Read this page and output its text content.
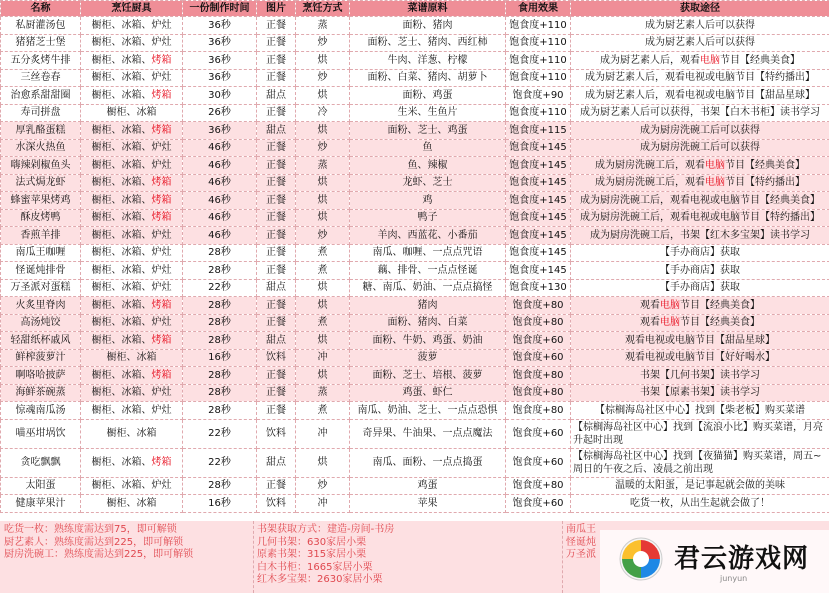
名称	烹饪厨具	一份制作时间	图片	烹饪方式	菜谱原料	食用效果	获取途径
私厨灌汤包	橱柜、冰箱、炉灶	36秒	正餐	蒸	面粉、猪肉	饱食度+110	成为厨艺素人后可以获得
猪猪芝士堡	橱柜、冰箱、炉灶	36秒	正餐	炒	面粉、芝士、猪肉、西红柿	饱食度+110	成为厨艺素人后可以获得
五分炙烤牛排	橱柜、冰箱、烤箱	36秒	正餐	烘	牛肉、洋葱、柠檬	饱食度+110	成为厨艺素人后，观看电脑节目【经典美食】
三丝卷春	橱柜、冰箱、炉灶	36秒	正餐	炒	面粉、白菜、猪肉、胡萝卜	饱食度+110	成为厨艺素人后，观看电视或电脑节目【特约播出】
治愈系甜甜圈	橱柜、冰箱、烤箱	30秒	甜点	烘	面粉、鸡蛋	饱食度+90	成为厨艺素人后，观看电视或电脑节目【甜品星球】
寿司拼盘	橱柜、冰箱	26秒	正餐	冷	生米、生鱼片	饱食度+110	成为厨艺素人后可以获得，书架【白木书柜】读书学习
厚乳酪蛋糕	橱柜、冰箱、烤箱	36秒	甜点	烘	面粉、芝士、鸡蛋	饱食度+115	成为厨房洗碗工后可以获得
水深火热鱼	橱柜、冰箱、炉灶	46秒	正餐	炒	鱼	饱食度+145	成为厨房洗碗工后可以获得
嗨辣剁椒鱼头	橱柜、冰箱、炉灶	46秒	正餐	蒸	鱼、辣椒	饱食度+145	成为厨房洗碗工后，观看电脑节目【经典美食】
法式焗龙虾	橱柜、冰箱、烤箱	46秒	正餐	烘	龙虾、芝士	饱食度+145	成为厨房洗碗工后，观看电脑节目【特约播出】
蜂蜜苹果烤鸡	橱柜、冰箱、烤箱	46秒	正餐	烘	鸡	饱食度+145	成为厨房洗碗工后，观看电视或电脑节目【经典美食】
酥皮烤鸭	橱柜、冰箱、烤箱	46秒	正餐	烘	鸭子	饱食度+145	成为厨房洗碗工后，观看电视或电脑节目【特约播出】
香煎羊排	橱柜、冰箱、炉灶	46秒	正餐	炒	羊肉、西蓝花、小番茄	饱食度+145	成为厨房洗碗工后，书架【红木多宝架】读书学习
南瓜王咖喱	橱柜、冰箱、炉灶	28秒	正餐	煮	南瓜、咖喱、一点点咒语	饱食度+145	【手办商店】获取
怪诞炖排骨	橱柜、冰箱、炉灶	28秒	正餐	煮	藕、排骨、一点点怪诞	饱食度+145	【手办商店】获取
万圣派对蛋糕	橱柜、冰箱、炉灶	22秒	甜点	烘	糖、南瓜、奶油、一点点搞怪	饱食度+130	【手办商店】获取
火炙里脊肉	橱柜、冰箱、烤箱	28秒	正餐	烘	猪肉	饱食度+80	观看电脑节目【经典美食】
高汤炖饺	橱柜、冰箱、炉灶	28秒	正餐	煮	面粉、猪肉、白菜	饱食度+80	观看电脑节目【经典美食】
轻甜纸杯戚风	橱柜、冰箱、烤箱	28秒	甜点	烘	面粉、牛奶、鸡蛋、奶油	饱食度+60	观看电视或电脑节目【甜品星球】
鲜榨菠萝汁	橱柜、冰箱	16秒	饮料	冲	菠萝	饱食度+60	观看电视或电脑节目【好好喝水】
啊咯哈披萨	橱柜、冰箱、烤箱	28秒	正餐	烘	面粉、芝士、培根、菠萝	饱食度+80	书架【几何书架】读书学习
海鲜茶碗蒸	橱柜、冰箱、炉灶	28秒	正餐	蒸	鸡蛋、虾仁	饱食度+80	书架【原素书架】读书学习
惊魂南瓜汤	橱柜、冰箱、炉灶	28秒	正餐	煮	南瓜、奶油、芝士、一点点恐惧	饱食度+80	【棕榈海岛社区中心】找到【柴老板】购买菜谱
喵巫坩埚饮	橱柜、冰箱	22秒	饮料	冲	奇异果、牛油果、一点点魔法	饱食度+60	【棕榈海岛社区中心】找到【流浪小比】购买菜谱，月亮升起时出现
贪吃飘飘	橱柜、冰箱、烤箱	22秒	甜点	烘	南瓜、面粉、一点点捣蛋	饱食度+60	【棕榈海岛社区中心】找到【夜猫猫】购买菜谱，周五~周日的午夜之后、凌晨之前出现
太阳蛋	橱柜、冰箱、炉灶	28秒	正餐	炒	鸡蛋	饱食度+80	温暖的太阳蛋，是记事起就会做的美味
健康苹果汁	橱柜、冰箱	16秒	饮料	冲	苹果	饱食度+60	吃货一枚，从出生起就会做了！
吃货一枚：熟练度需达到75，即可解锁
厨艺素人：熟练度需达到225，即可解锁
厨房洗碗工：熟练度需达到225，即可解锁
书架获取方式：建造-房间-书房
几何书架：630家居小栗
原素书架：315家居小栗
白木书柜：1665家居小栗
红木多宝架：2630家居小栗
南瓜王
怪诞炖
万圣派	君云游戏网
junyun
